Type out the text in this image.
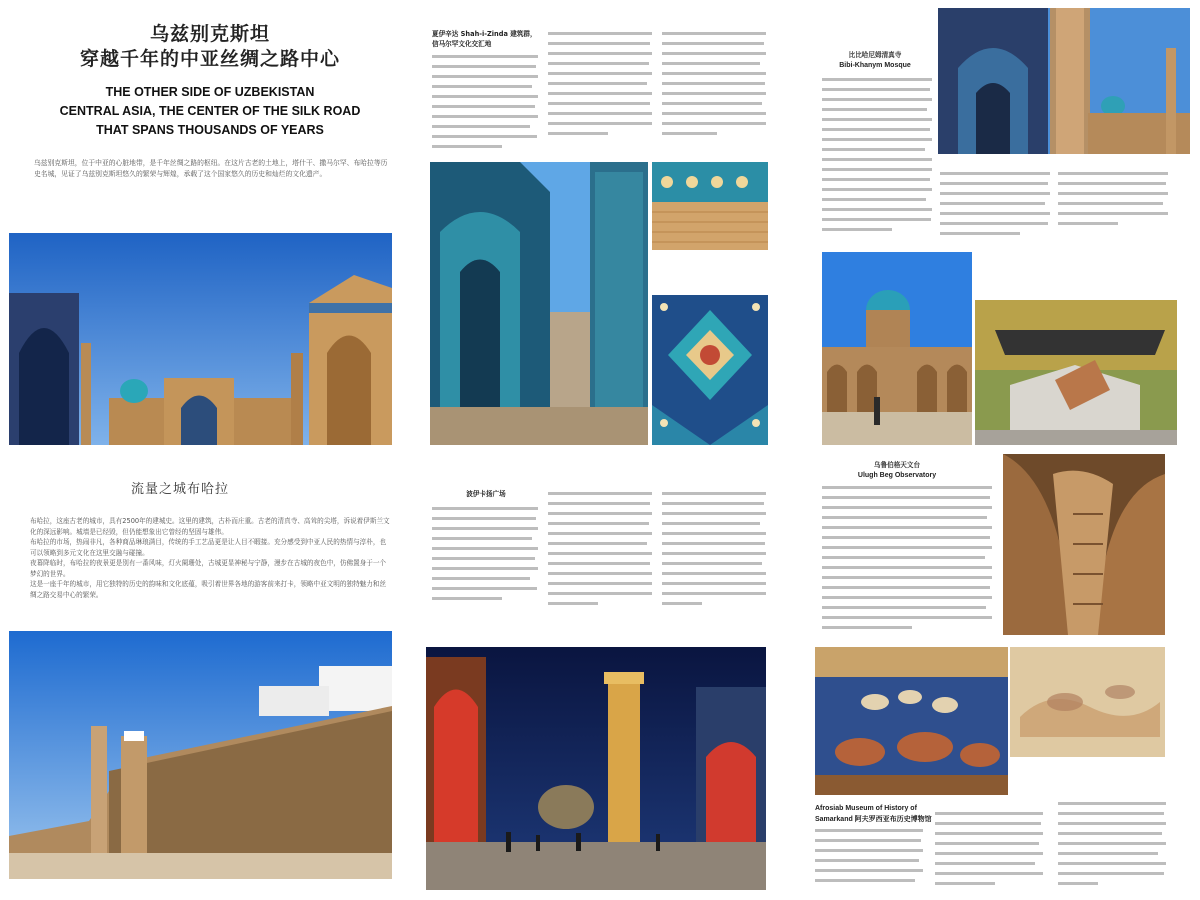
乌兹别克斯坦
穿越千年的中亚丝绸之路中心
THE OTHER SIDE OF UZBEKISTAN
CENTRAL ASIA, THE CENTER OF THE SILK ROAD
THAT SPANS THOUSANDS OF YEARS
乌兹别克斯坦，位于中亚的心脏地带，是千年丝绸之路的枢纽。在这片古老的土地上，塔什干、撒马尔罕、布哈拉等历史名城，见证了乌兹别克斯坦悠久的繁荣与辉煌，承载了这个国家悠久的历史和灿烂的文化遗产。
流量之城布哈拉
布哈拉，这座古老的城市，具有2500年的建城史。这里的建筑，古朴而庄重。古老的清真寺、高耸的尖塔，诉说着伊斯兰文化的深远影响。城墙是已经毁，但仍能想象出它曾经的坚固与雄伟。
布哈拉的市场，热闹非凡，各种商品琳琅满目，传统的手工艺品更是让人目不暇接。充分感受到中亚人民的热情与淳朴，也可以领略到多元文化在这里交融与碰撞。
夜幕降临时，布哈拉的夜景更是别有一番风味，灯火阑珊处，古城更显神秘与宁静，漫步在古城的夜色中，仿佛置身于一个梦幻的世界。
这是一座千年的城市，用它独特的历史的韵味和文化底蕴，吸引着世界各地的游客前来打卡，领略中亚文明的独特魅力和丝绸之路交易中心的繁荣。
夏伊辛达 Shah-i-Zinda 建筑群，
信马尔罕文化交汇地
波伊卡扬广场
比比哈尼姆清真寺
Bibi-Khanym Mosque
乌鲁伯格天文台
Ulugh Beg Observatory
Afrosiab Museum of History of
Samarkand 阿夫罗西亚布历史博物馆
